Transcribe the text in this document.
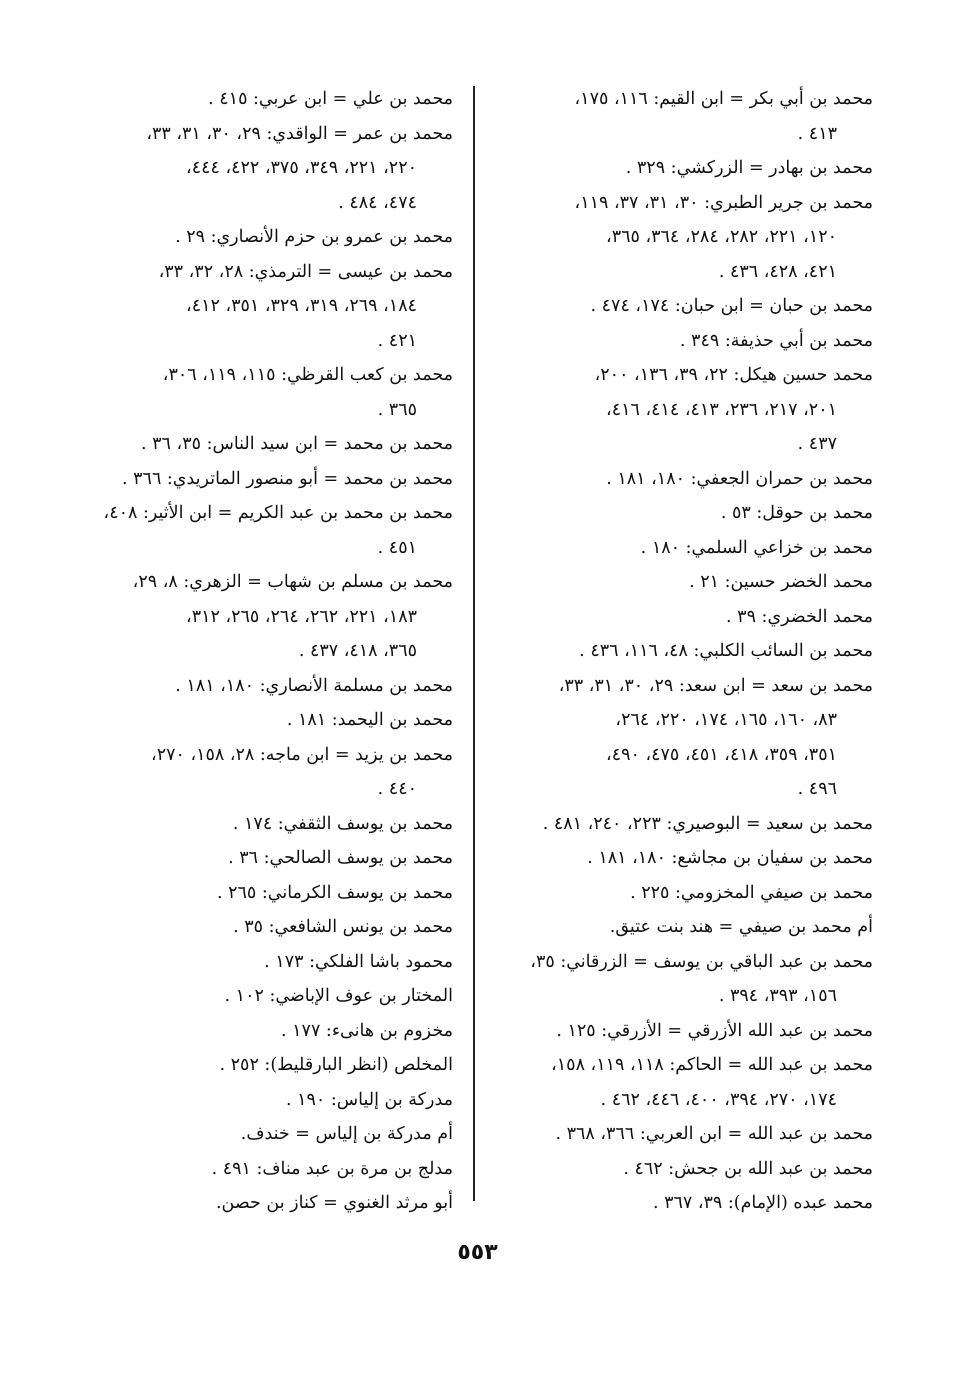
محمد بن أبي بكر = ابن القيم: ١١٦، ١٧٥،
٤١٣ .
محمد بن بهادر = الزركشي: ٣٢٩ .
محمد بن جرير الطبري: ٣٠، ٣١، ٣٧، ١١٩،
١٢٠، ٢٢١، ٢٨٢، ٢٨٤، ٣٦٤، ٣٦٥،
٤٢١، ٤٢٨، ٤٣٦ .
محمد بن حبان = ابن حبان: ١٧٤، ٤٧٤ .
محمد بن أبي حذيفة: ٣٤٩ .
محمد حسين هيكل: ٢٢، ٣٩، ١٣٦، ٢٠٠،
٢٠١، ٢١٧، ٢٣٦، ٤١٣، ٤١٤، ٤١٦،
٤٣٧ .
محمد بن حمران الجعفي: ١٨٠، ١٨١ .
محمد بن حوقل: ٥٣ .
محمد بن خزاعي السلمي: ١٨٠ .
محمد الخضر حسين: ٢١ .
محمد الخضري: ٣٩ .
محمد بن السائب الكلبي: ٤٨، ١١٦، ٤٣٦ .
محمد بن سعد = ابن سعد: ٢٩، ٣٠، ٣١، ٣٣،
٨٣، ١٦٠، ١٦٥، ١٧٤، ٢٢٠، ٢٦٤،
٣٥١، ٣٥٩، ٤١٨، ٤٥١، ٤٧٥، ٤٩٠،
٤٩٦ .
محمد بن سعيد = البوصيري: ٢٢٣، ٢٤٠، ٤٨١ .
محمد بن سفيان بن مجاشع: ١٨٠، ١٨١ .
محمد بن صيفي المخزومي: ٢٢٥ .
أم محمد بن صيفي = هند بنت عتيق.
محمد بن عبد الباقي بن يوسف = الزرقاني: ٣٥،
١٥٦، ٣٩٣، ٣٩٤ .
محمد بن عبد الله الأزرقي = الأزرقي: ١٢٥ .
محمد بن عبد الله = الحاكم: ١١٨، ١١٩، ١٥٨،
١٧٤، ٢٧٠، ٣٩٤، ٤٠٠، ٤٤٦، ٤٦٢ .
محمد بن عبد الله = ابن العربي: ٣٦٦، ٣٦٨ .
محمد بن عبد الله بن جحش: ٤٦٢ .
محمد عبده (الإمام): ٣٩، ٣٦٧ .
محمد بن علي = ابن عربي: ٤١٥ .
محمد بن عمر = الواقدي: ٢٩، ٣٠، ٣١، ٣٣،
٢٢٠، ٢٢١، ٣٤٩، ٣٧٥، ٤٢٢، ٤٤٤،
٤٧٤، ٤٨٤ .
محمد بن عمرو بن حزم الأنصاري: ٢٩ .
محمد بن عيسى = الترمذي: ٢٨، ٣٢، ٣٣،
١٨٤، ٢٦٩، ٣١٩، ٣٢٩، ٣٥١، ٤١٢،
٤٢١ .
محمد بن كعب القرظي: ١١٥، ١١٩، ٣٠٦،
٣٦٥ .
محمد بن محمد = ابن سيد الناس: ٣٥، ٣٦ .
محمد بن محمد = أبو منصور الماتريدي: ٣٦٦ .
محمد بن محمد بن عبد الكريم = ابن الأثير: ٤٠٨،
٤٥١ .
محمد بن مسلم بن شهاب = الزهري: ٨، ٢٩،
١٨٣، ٢٢١، ٢٦٢، ٢٦٤، ٢٦٥، ٣١٢،
٣٦٥، ٤١٨، ٤٣٧ .
محمد بن مسلمة الأنصاري: ١٨٠، ١٨١ .
محمد بن اليحمد: ١٨١ .
محمد بن يزيد = ابن ماجه: ٢٨، ١٥٨، ٢٧٠،
٤٤٠ .
محمد بن يوسف الثقفي: ١٧٤ .
محمد بن يوسف الصالحي: ٣٦ .
محمد بن يوسف الكرماني: ٢٦٥ .
محمد بن يونس الشافعي: ٣٥ .
محمود باشا الفلكي: ١٧٣ .
المختار بن عوف الإباضي: ١٠٢ .
مخزوم بن هانىء: ١٧٧ .
المخلص (انظر البارقليط): ٢٥٢ .
مدركة بن إلياس: ١٩٠ .
أم مدركة بن إلياس = خندف.
مدلج بن مرة بن عبد مناف: ٤٩١ .
أبو مرثد الغنوي = كناز بن حصن.
٥٥٣
